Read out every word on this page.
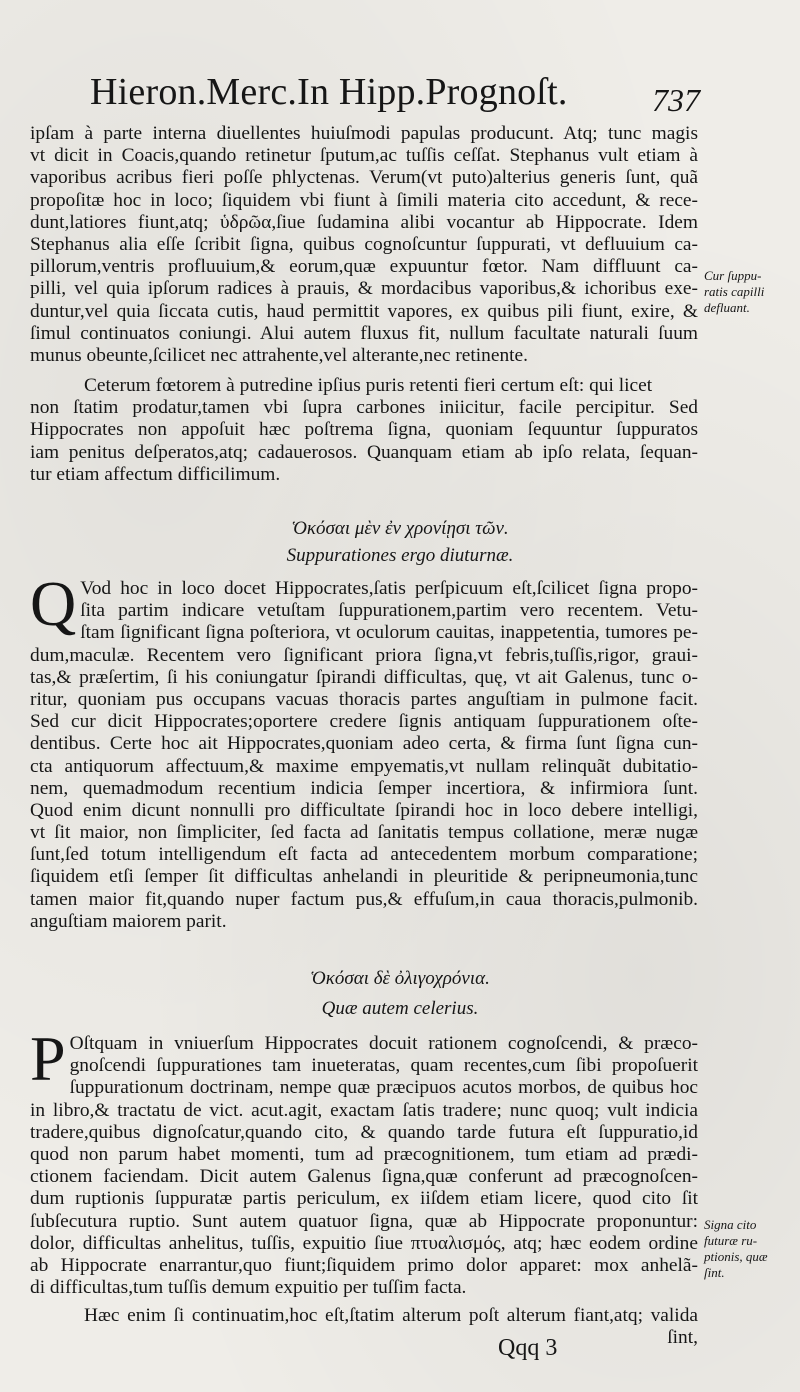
Hieron.Merc.In Hipp.Prognoſt.	737
ipſam à parte interna diuellentes huiuſmodi papulas producunt. Atq; tunc magis
vt dicit in Coacis,quando retinetur ſputum,ac tuſſis ceſſat. Stephanus vult etiam à
vaporibus acribus fieri poſſe phlyctenas. Verum(vt puto)alterius generis ſunt, quã
propoſitæ hoc in loco; ſiquidem vbi fiunt à ſimili materia cito accedunt, & rece-
dunt,latiores fiunt,atq; ὑδρῶα,ſiue ſudamina alibi vocantur ab Hippocrate. Idem
Stephanus alia eſſe ſcribit ſigna, quibus cognoſcuntur ſuppurati, vt defluuium ca-
pillorum,ventris profluuium,& eorum,quæ expuuntur fœtor. Nam diffluunt ca-
pilli, vel quia ipſorum radices à prauis, & mordacibus vaporibus,& ichoribus exe-
duntur,vel quia ſiccata cutis, haud permittit vapores, ex quibus pili fiunt, exire, &
ſimul continuatos coniungi. Alui autem fluxus fit, nullum facultate naturali ſuum
munus obeunte,ſcilicet nec attrahente,vel alterante,nec retinente.
Ceterum fœtorem à putredine ipſius puris retenti fieri certum eſt: qui licet
non ſtatim prodatur,tamen vbi ſupra carbones iniicitur, facile percipitur. Sed
Hippocrates non appoſuit hæc poſtrema ſigna, quoniam ſequuntur ſuppuratos
iam penitus deſperatos,atq; cadauerosos. Quanquam etiam ab ipſo relata, ſequan-
tur etiam affectum difficilimum.
Ὁκόσαι μὲν ἐν χρονίῃσι τῶν.
Suppurationes ergo diuturnæ.
Q Vod hoc in loco docet Hippocrates,ſatis perſpicuum eſt,ſcilicet ſigna propo-
ſita partim indicare vetuſtam ſuppurationem,partim vero recentem. Vetu-
ſtam ſignificant ſigna poſteriora, vt oculorum cauitas, inappetentia, tumores pe-
dum,maculæ. Recentem vero ſignificant priora ſigna,vt febris,tuſſis,rigor, graui-
tas,& præſertim, ſi his coniungatur ſpirandi difficultas, quę, vt ait Galenus, tunc o-
ritur, quoniam pus occupans vacuas thoracis partes anguſtiam in pulmone facit.
Sed cur dicit Hippocrates;oportere credere ſignis antiquam ſuppurationem oſte-
dentibus. Certe hoc ait Hippocrates,quoniam adeo certa, & firma ſunt ſigna cun-
cta antiquorum affectuum,& maxime empyematis,vt nullam relinquãt dubitatio-
nem, quemadmodum recentium indicia ſemper incertiora, & infirmiora ſunt.
Quod enim dicunt nonnulli pro difficultate ſpirandi hoc in loco debere intelligi,
vt ſit maior, non ſimpliciter, ſed facta ad ſanitatis tempus collatione, meræ nugæ
ſunt,ſed totum intelligendum eſt facta ad antecedentem morbum comparatione;
ſiquidem etſi ſemper ſit difficultas anhelandi in pleuritide & peripneumonia,tunc
tamen maior fit,quando nuper factum pus,& effuſum,in caua thoracis,pulmonib.
anguſtiam maiorem parit.
Ὁκόσαι δὲ ὀλιγοχρόνια.
Quæ autem celerius.
P Oſtquam in vniuerſum Hippocrates docuit rationem cognoſcendi, & præco-
gnoſcendi ſuppurationes tam inueteratas, quam recentes,cum ſibi propoſuerit
ſuppurationum doctrinam, nempe quæ præcipuos acutos morbos, de quibus hoc
in libro,& tractatu de vict. acut.agit, exactam ſatis tradere; nunc quoq; vult indicia
tradere,quibus dignoſcatur,quando cito, & quando tarde futura eſt ſuppuratio,id
quod non parum habet momenti, tum ad præcognitionem, tum etiam ad prædi-
ctionem faciendam. Dicit autem Galenus ſigna,quæ conferunt ad præcognoſcen-
dum ruptionis ſuppuratæ partis periculum, ex iiſdem etiam licere, quod cito ſit
ſubſecutura ruptio. Sunt autem quatuor ſigna, quæ ab Hippocrate proponuntur:
dolor, difficultas anhelitus, tuſſis, expuitio ſiue πτυαλισμός, atq; hæc eodem ordine
ab Hippocrate enarrantur,quo fiunt;ſiquidem primo dolor apparet: mox anhelã-
di difficultas,tum tuſſis demum expuitio per tuſſim facta.
Hæc enim ſi continuatim,hoc eſt,ſtatim alterum poſt alterum fiant,atq; valida
ſint,
Cur ſuppu-
ratis capilli
defluant.
Signa cito
futuræ ru-
ptionis, quæ
ſint.
Qqq 3
